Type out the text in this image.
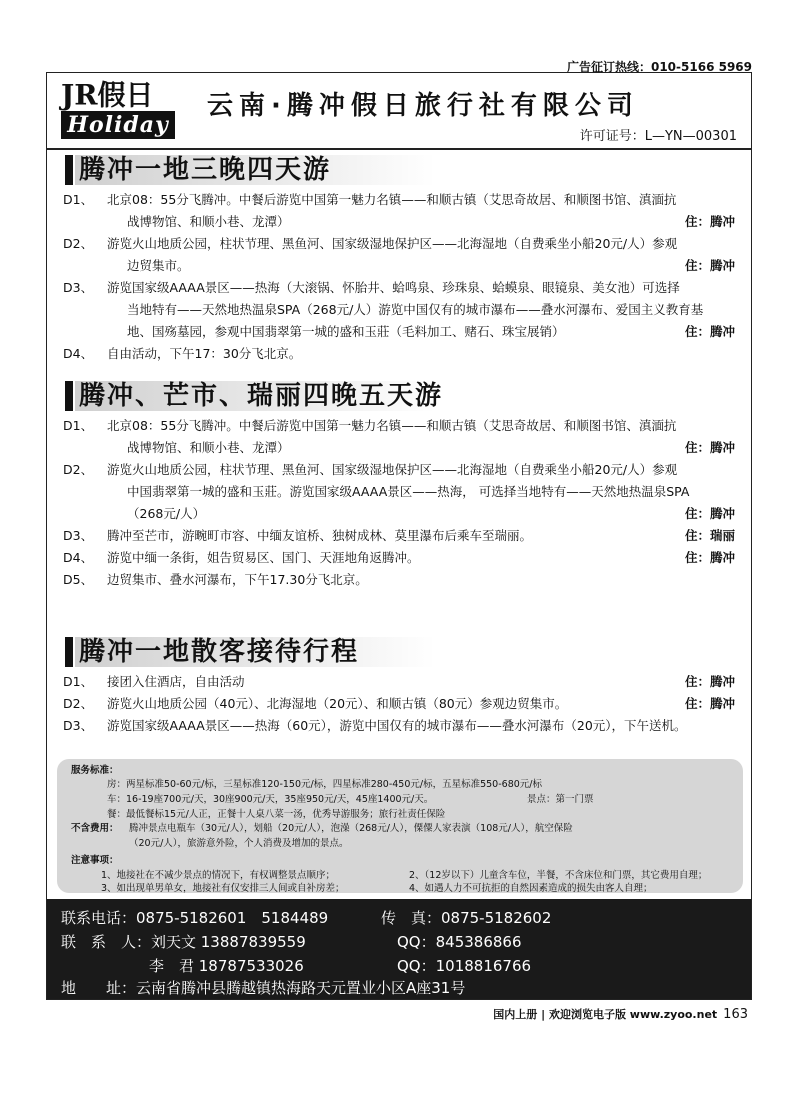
广告征订热线：010-5166 5969
JR假日
Holiday
云南·腾冲假日旅行社有限公司
许可证号：L—YN—00301
腾冲一地三晚四天游
D1、 北京08：55分飞腾冲。中餐后游览中国第一魅力名镇——和顺古镇（艾思奇故居、和顺图书馆、滇湎抗
战博物馆、和顺小巷、龙潭）	住：腾冲
D2、 游览火山地质公园，柱状节理、黑鱼河、国家级湿地保护区——北海湿地（自费乘坐小船20元/人）参观
边贸集市。	住：腾冲
D3、 游览国家级AAAA景区——热海（大滚锅、怀胎井、蛤鸣泉、珍珠泉、蛤蟆泉、眼镜泉、美女池）可选择
当地特有——天然地热温泉SPA（268元/人）游览中国仅有的城市瀑布——叠水河瀑布、爱国主义教育基
地、国殇墓园，参观中国翡翠第一城的盛和玉莊（毛料加工、赌石、珠宝展销）	住：腾冲
D4、 自由活动，下午17：30分飞北京。
腾冲、芒市、瑞丽四晚五天游
D1、 北京08：55分飞腾冲。中餐后游览中国第一魅力名镇——和顺古镇（艾思奇故居、和顺图书馆、滇湎抗
战博物馆、和顺小巷、龙潭）	住：腾冲
D2、 游览火山地质公园，柱状节理、黑鱼河、国家级湿地保护区——北海湿地（自费乘坐小船20元/人）参观
中国翡翠第一城的盛和玉莊。游览国家级AAAA景区——热海， 可选择当地特有——天然地热温泉SPA
（268元/人）	住：腾冲
D3、 腾冲至芒市，游畹町市容、中缅友谊桥、独树成林、莫里瀑布后乘车至瑞丽。	住：瑞丽
D4、 游览中缅一条街，姐告贸易区、国门、天涯地角返腾冲。	住：腾冲
D5、 边贸集市、叠水河瀑布，下午17.30分飞北京。
腾冲一地散客接待行程
D1、 接团入住酒店，自由活动	住：腾冲
D2、 游览火山地质公园（40元）、北海湿地（20元）、和顺古镇（80元）参观边贸集市。	住：腾冲
D3、 游览国家级AAAA景区——热海（60元），游览中国仅有的城市瀑布——叠水河瀑布（20元），下午送机。
服务标准：
房：两星标准50-60元/标，三星标准120-150元/标，四星标准280-450元/标，五星标准550-680元/标
车：16-19座700元/天，30座900元/天，35座950元/天，45座1400元/天。	景点：第一门票
餐：最低餐标15元/人正，正餐十人桌八菜一汤，优秀导游服务；旅行社责任保险
不含费用： 腾冲景点电瓶车（30元/人），划船（20元/人），泡澡（268元/人），傈僳人家表演（108元/人），航空保险
（20元/人），旅游意外险，个人消费及增加的景点。
注意事项：
1、地接社在不减少景点的情况下，有权调整景点顺序；	2、（12岁以下）儿童含车位，半餐，不含床位和门票，其它费用自理；
3、如出现单男单女，地接社有仅安排三人间或自补房差；	4、如遇人力不可抗拒的自然因素造成的损失由客人自理；
联系电话：0875-5182601　5184489	传　真：0875-5182602
联　系　人：刘天文 13887839559	QQ：845386866
李　君 18787533026	QQ：1018816766
地　　址：云南省腾冲县腾越镇热海路天元置业小区A座31号
国内上册 | 欢迎浏览电子版 www.zyoo.net 163
